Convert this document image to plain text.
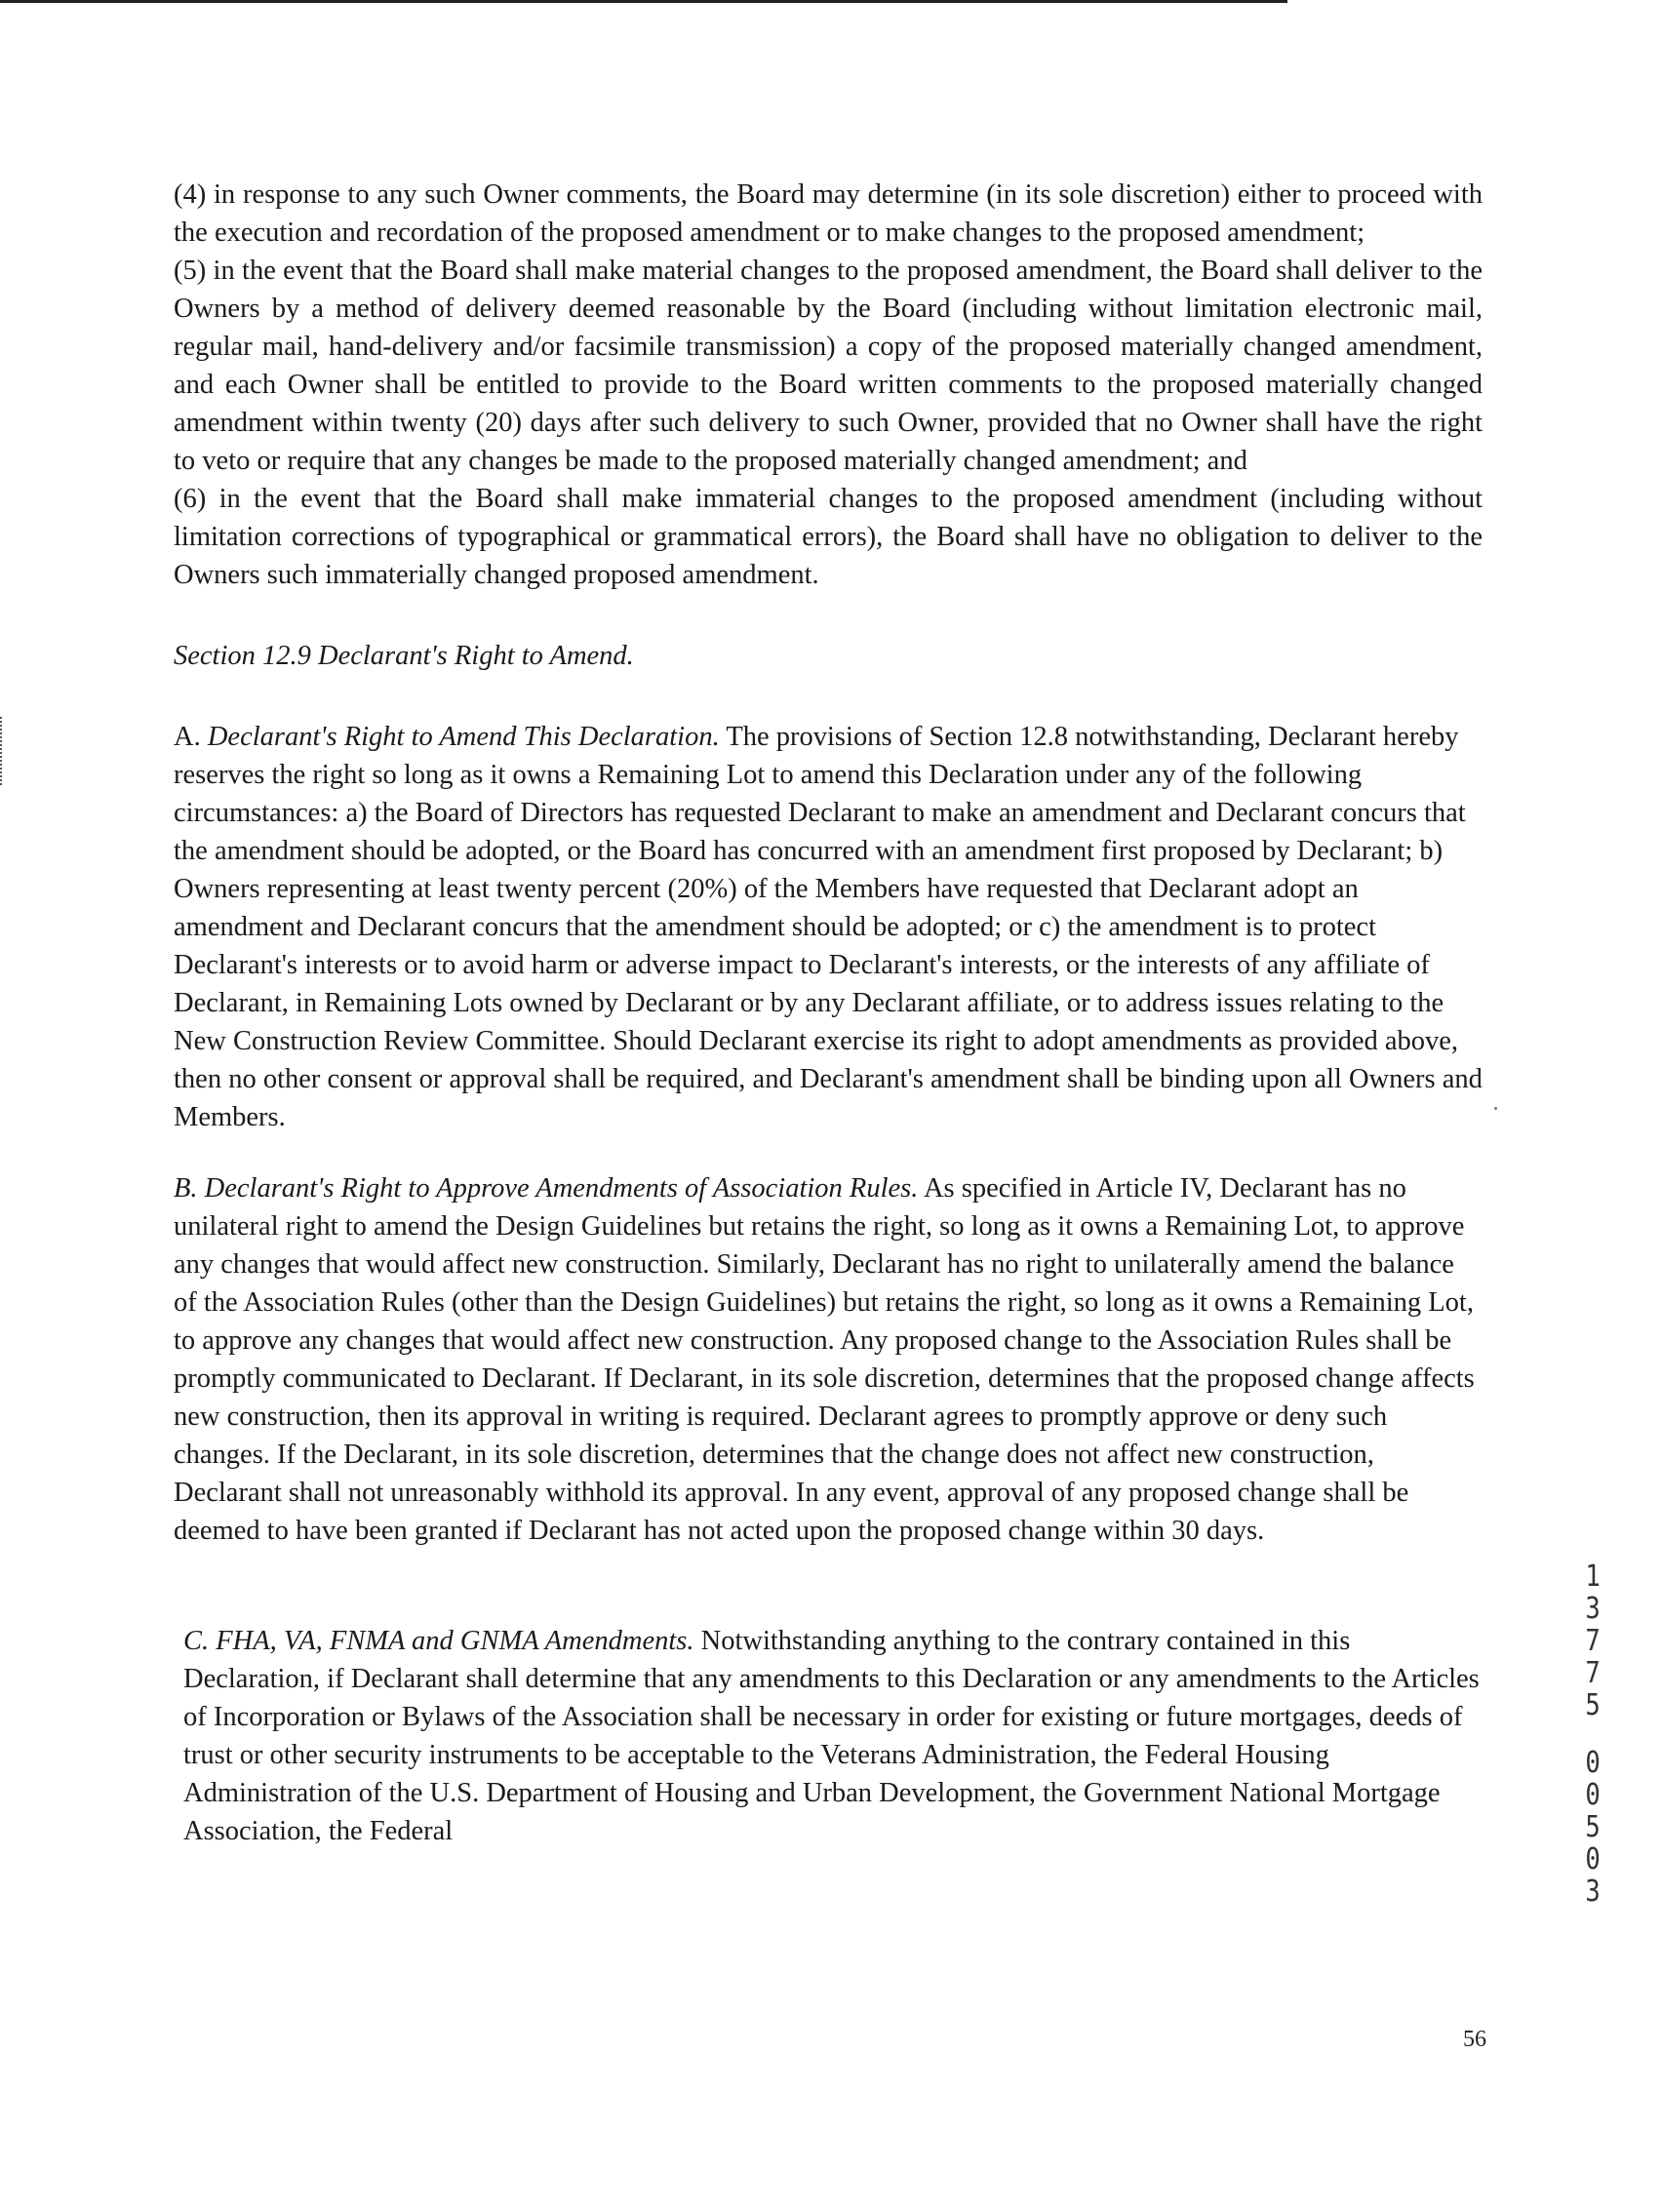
(4) in response to any such Owner comments, the Board may determine (in its sole discretion) either to proceed with the execution and recordation of the proposed amendment or to make changes to the proposed amendment;

(5) in the event that the Board shall make material changes to the proposed amendment, the Board shall deliver to the Owners by a method of delivery deemed reasonable by the Board (including without limitation electronic mail, regular mail, hand-delivery and/or facsimile transmission) a copy of the proposed materially changed amendment, and each Owner shall be entitled to provide to the Board written comments to the proposed materially changed amendment within twenty (20) days after such delivery to such Owner, provided that no Owner shall have the right to veto or require that any changes be made to the proposed materially changed amendment; and

(6) in the event that the Board shall make immaterial changes to the proposed amendment (including without limitation corrections of typographical or grammatical errors), the Board shall have no obligation to deliver to the Owners such immaterially changed proposed amendment.

Section 12.9 Declarant's Right to Amend.

A. Declarant's Right to Amend This Declaration. The provisions of Section 12.8 notwithstanding, Declarant hereby reserves the right so long as it owns a Remaining Lot to amend this Declaration under any of the following circumstances: a) the Board of Directors has requested Declarant to make an amendment and Declarant concurs that the amendment should be adopted, or the Board has concurred with an amendment first proposed by Declarant; b) Owners representing at least twenty percent (20%) of the Members have requested that Declarant adopt an amendment and Declarant concurs that the amendment should be adopted; or c) the amendment is to protect Declarant's interests or to avoid harm or adverse impact to Declarant's interests, or the interests of any affiliate of Declarant, in Remaining Lots owned by Declarant or by any Declarant affiliate, or to address issues relating to the New Construction Review Committee. Should Declarant exercise its right to adopt amendments as provided above, then no other consent or approval shall be required, and Declarant's amendment shall be binding upon all Owners and Members.

B. Declarant's Right to Approve Amendments of Association Rules. As specified in Article IV, Declarant has no unilateral right to amend the Design Guidelines but retains the right, so long as it owns a Remaining Lot, to approve any changes that would affect new construction. Similarly, Declarant has no right to unilaterally amend the balance of the Association Rules (other than the Design Guidelines) but retains the right, so long as it owns a Remaining Lot, to approve any changes that would affect new construction. Any proposed change to the Association Rules shall be promptly communicated to Declarant. If Declarant, in its sole discretion, determines that the proposed change affects new construction, then its approval in writing is required. Declarant agrees to promptly approve or deny such changes. If the Declarant, in its sole discretion, determines that the change does not affect new construction, Declarant shall not unreasonably withhold its approval. In any event, approval of any proposed change shall be deemed to have been granted if Declarant has not acted upon the proposed change within 30 days.

C. FHA, VA, FNMA and GNMA Amendments. Notwithstanding anything to the contrary contained in this Declaration, if Declarant shall determine that any amendments to this Declaration or any amendments to the Articles of Incorporation or Bylaws of the Association shall be necessary in order for existing or future mortgages, deeds of trust or other security instruments to be acceptable to the Veterans Administration, the Federal Housing Administration of the U.S. Department of Housing and Urban Development, the Government National Mortgage Association, the Federal

1
3
7
7
5
0
0
5
0
3
56
